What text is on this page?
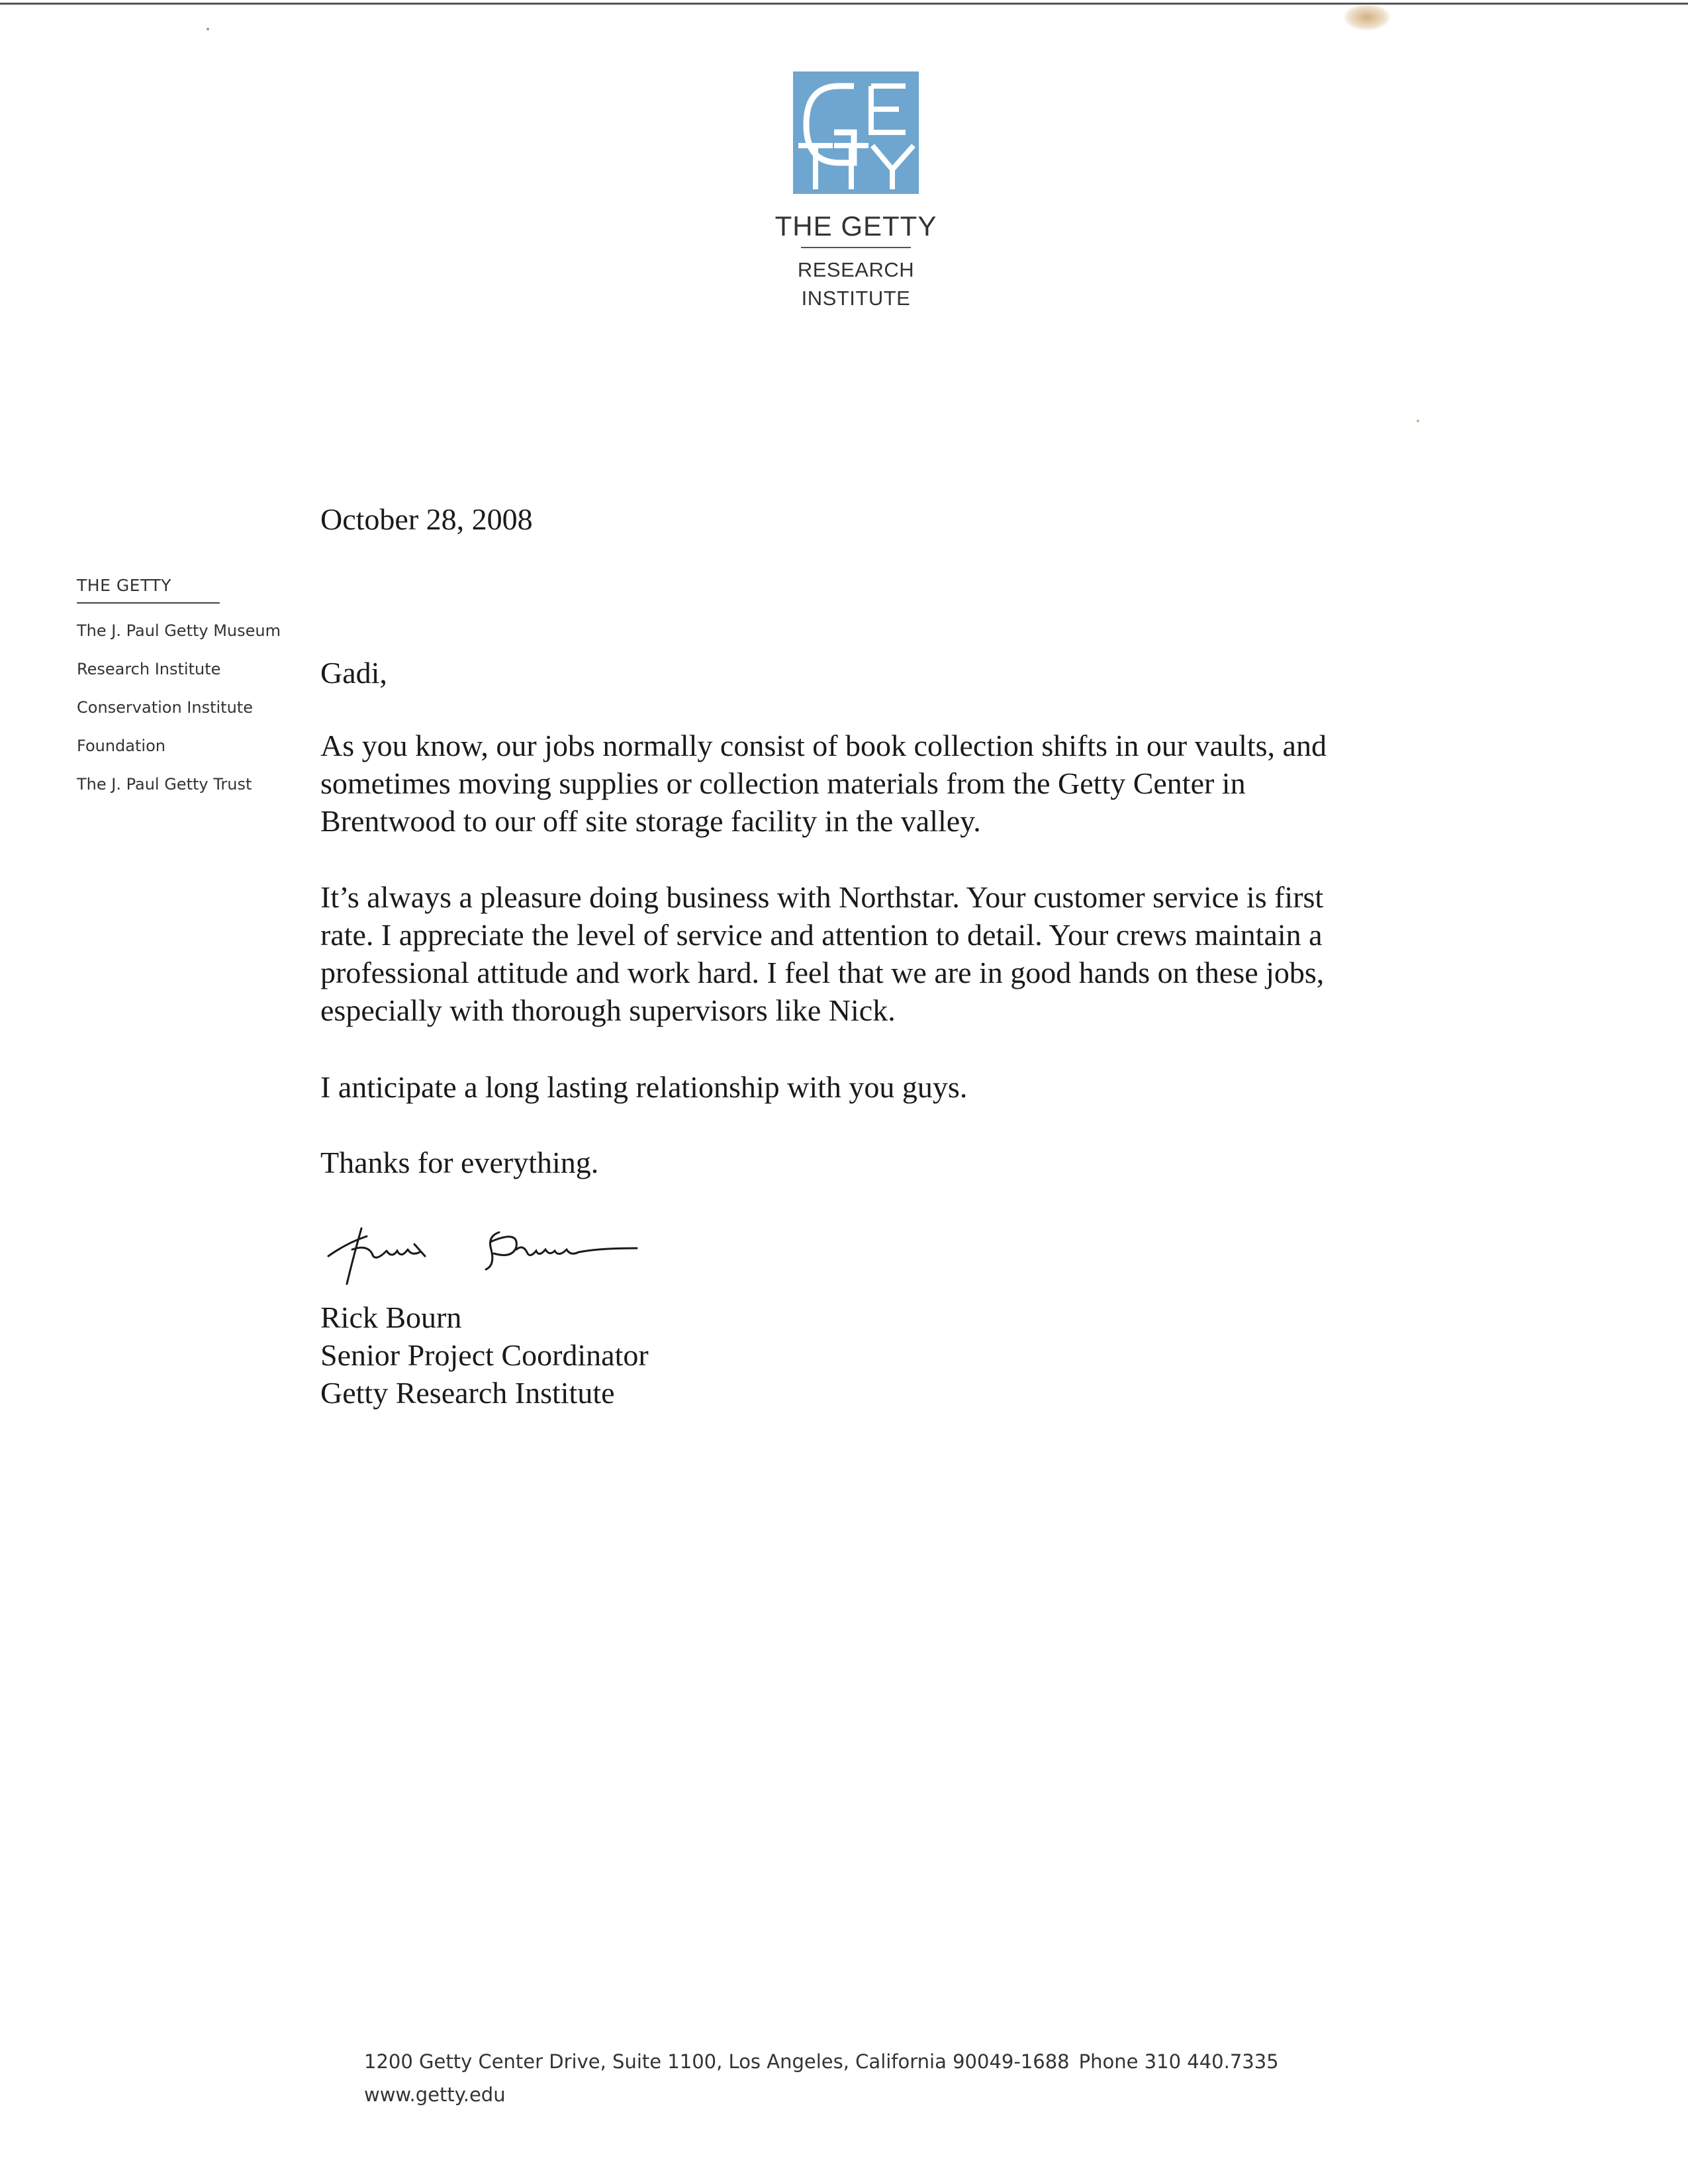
THE GETTY
RESEARCH
INSTITUTE
THE GETTY
The J. Paul Getty Museum
Research Institute
Conservation Institute
Foundation
The J. Paul Getty Trust
October 28, 2008
Gadi,
As you know, our jobs normally consist of book collection shifts in our vaults, and
sometimes moving supplies or collection materials from the Getty Center in
Brentwood to our off site storage facility in the valley.
It’s always a pleasure doing business with Northstar. Your customer service is first
rate. I appreciate the level of service and attention to detail. Your crews maintain a
professional attitude and work hard. I feel that we are in good hands on these jobs,
especially with thorough supervisors like Nick.
I anticipate a long lasting relationship with you guys.
Thanks for everything.
Rick Bourn
Senior Project Coordinator
Getty Research Institute
1200 Getty Center Drive, Suite 1100, Los Angeles, California 90049-1688 Phone 310 440.7335
www.getty.edu
